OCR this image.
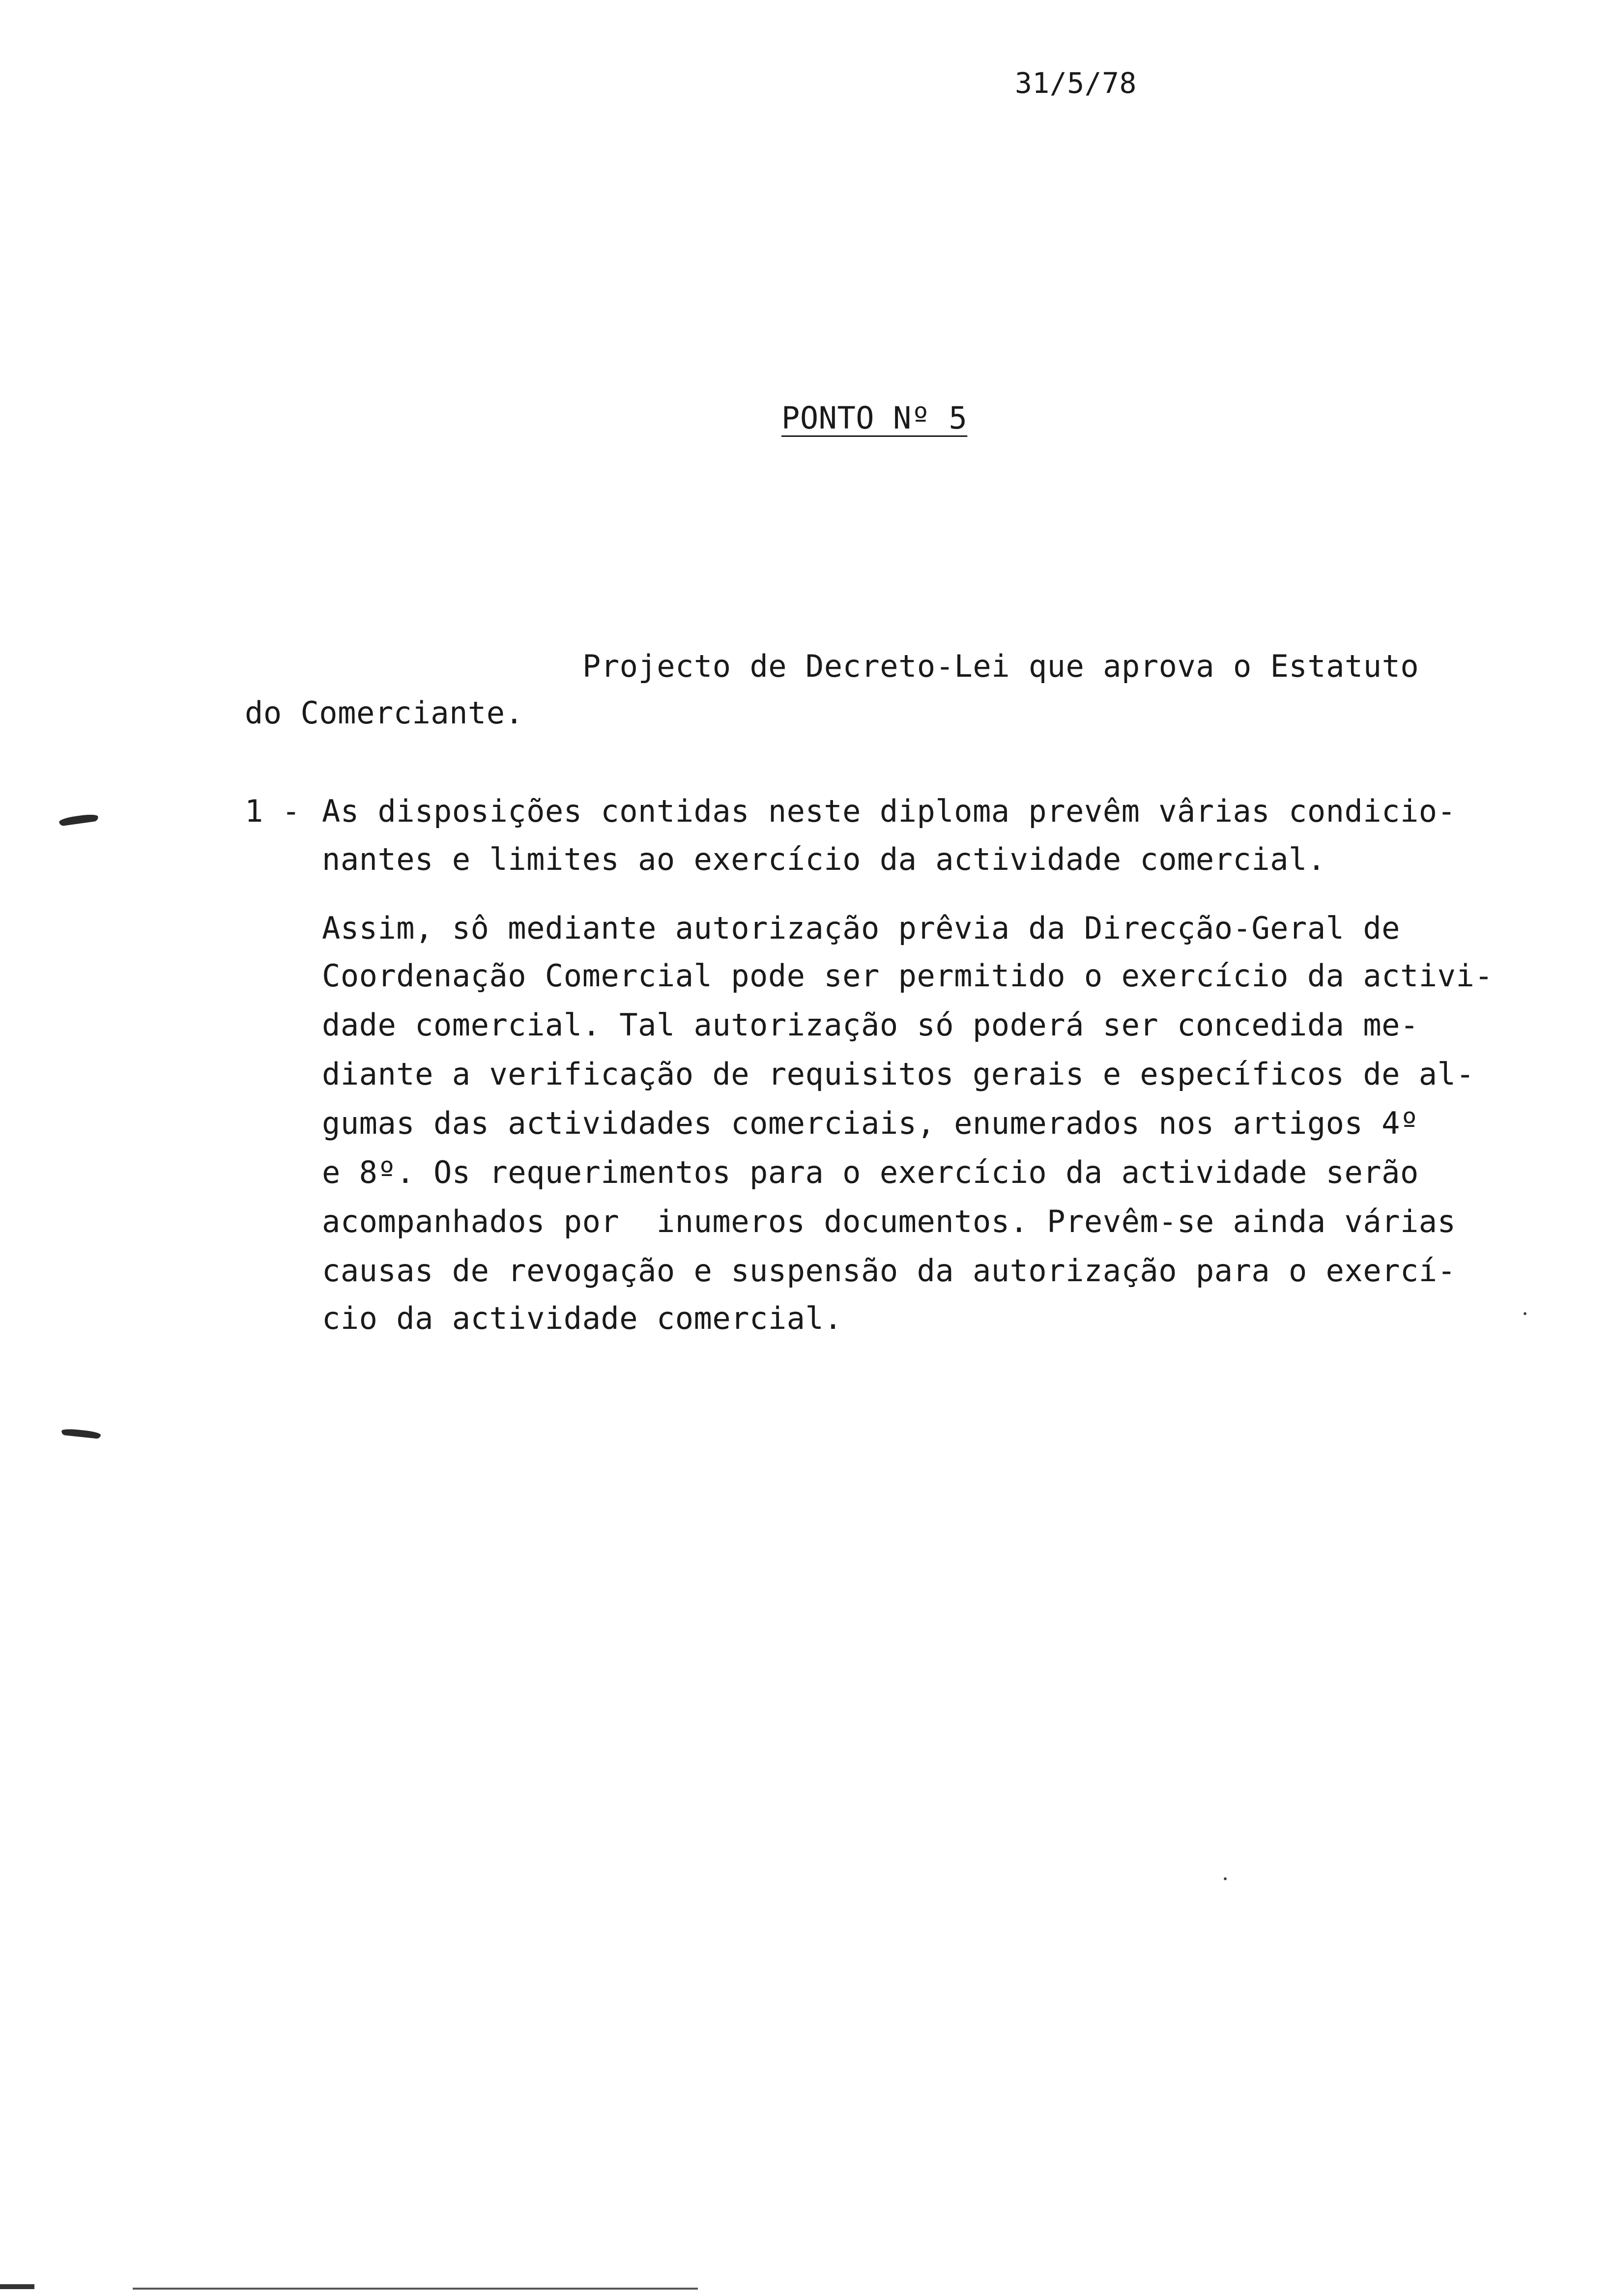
31/5/78
PONTO Nº 5
Projecto de Decreto-Lei que aprova o Estatuto
do Comerciante.
1 - As disposições contidas neste diploma prevêm vârias condicio-
nantes e limites ao exercício da actividade comercial.
Assim, sô mediante autorização prêvia da Direcção-Geral de
Coordenação Comercial pode ser permitido o exercício da activi-
dade comercial. Tal autorização só poderá ser concedida me-
diante a verificação de requisitos gerais e específicos de al-
gumas das actividades comerciais, enumerados nos artigos 4º
e 8º. Os requerimentos para o exercício da actividade serão
acompanhados por  inumeros documentos. Prevêm-se ainda várias
causas de revogação e suspensão da autorização para o exercí-
cio da actividade comercial.
